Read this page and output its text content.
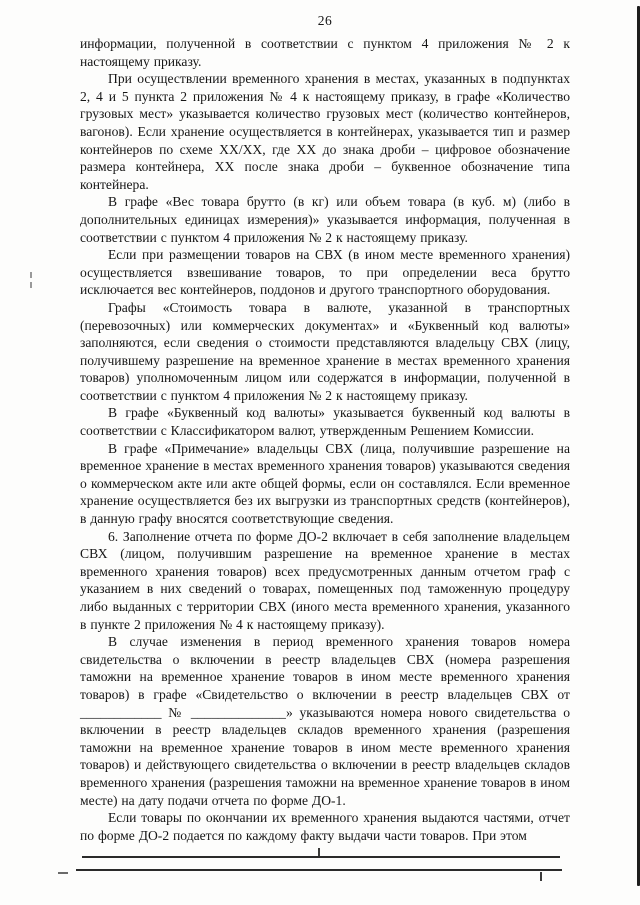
26

информации, полученной в соответствии с пунктом 4 приложения № 2 к настоящему приказу.

При осуществлении временного хранения в местах, указанных в подпунктах 2, 4 и 5 пункта 2 приложения № 4 к настоящему приказу, в графе «Количество грузовых мест» указывается количество грузовых мест (количество контейнеров, вагонов). Если хранение осуществляется в контейнерах, указывается тип и размер контейнеров по схеме ХХ/ХХ, где ХХ до знака дроби – цифровое обозначение размера контейнера, ХХ после знака дроби – буквенное обозначение типа контейнера.

В графе «Вес товара брутто (в кг) или объем товара (в куб. м) (либо в дополнительных единицах измерения)» указывается информация, полученная в соответствии с пунктом 4 приложения № 2 к настоящему приказу.

Если при размещении товаров на СВХ (в ином месте временного хранения) осуществляется взвешивание товаров, то при определении веса брутто исключается вес контейнеров, поддонов и другого транспортного оборудования.

Графы «Стоимость товара в валюте, указанной в транспортных (перевозочных) или коммерческих документах» и «Буквенный код валюты» заполняются, если сведения о стоимости представляются владельцу СВХ (лицу, получившему разрешение на временное хранение в местах временного хранения товаров) уполномоченным лицом или содержатся в информации, полученной в соответствии с пунктом 4 приложения № 2 к настоящему приказу.

В графе «Буквенный код валюты» указывается буквенный код валюты в соответствии с Классификатором валют, утвержденным Решением Комиссии.

В графе «Примечание» владельцы СВХ (лица, получившие разрешение на временное хранение в местах временного хранения товаров) указываются сведения о коммерческом акте или акте общей формы, если он составлялся. Если временное хранение осуществляется без их выгрузки из транспортных средств (контейнеров), в данную графу вносятся соответствующие сведения.

6. Заполнение отчета по форме ДО-2 включает в себя заполнение владельцем СВХ (лицом, получившим разрешение на временное хранение в местах временного хранения товаров) всех предусмотренных данным отчетом граф с указанием в них сведений о товарах, помещенных под таможенную процедуру либо выданных с территории СВХ (иного места временного хранения, указанного в пункте 2 приложения № 4 к настоящему приказу).

В случае изменения в период временного хранения товаров номера свидетельства о включении в реестр владельцев СВХ (номера разрешения таможни на временное хранение товаров в ином месте временного хранения товаров) в графе «Свидетельство о включении в реестр владельцев СВХ от ____________ № ______________» указываются номера нового свидетельства о включении в реестр владельцев складов временного хранения (разрешения таможни на временное хранение товаров в ином месте временного хранения товаров) и действующего свидетельства о включении в реестр владельцев складов временного хранения (разрешения таможни на временное хранение товаров в ином месте) на дату подачи отчета по форме ДО-1.

Если товары по окончании их временного хранения выдаются частями, отчет по форме ДО-2 подается по каждому факту выдачи части товаров. При этом
